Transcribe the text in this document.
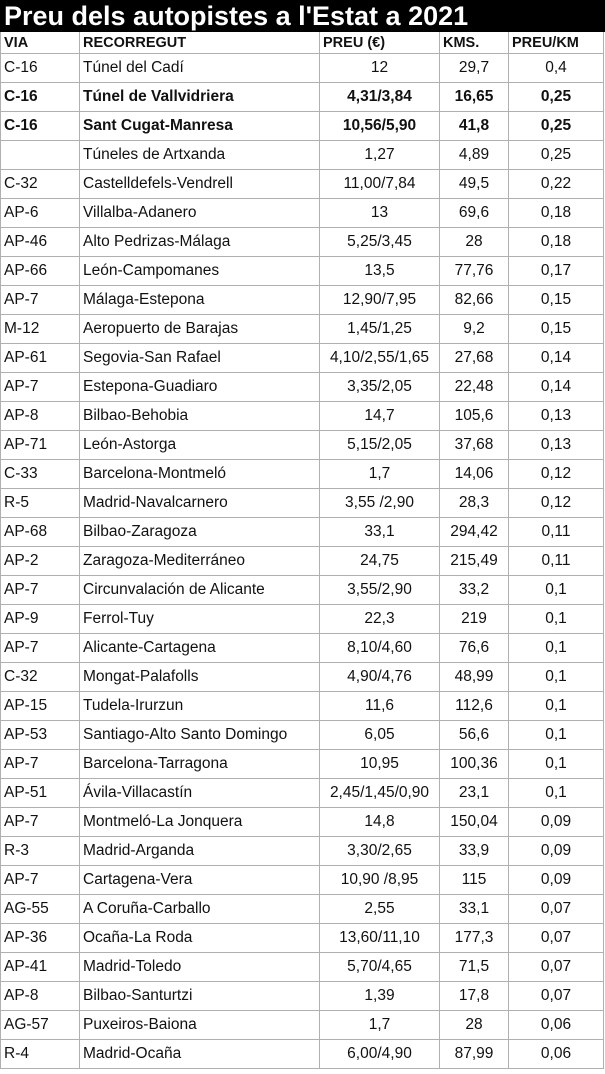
Preu dels autopistes a l'Estat a 2021
VIA	RECORREGUT	PREU (€)	KMS.	PREU/KM
C-16	Túnel del Cadí	12	29,7	0,4
C-16	Túnel de Vallvidriera	4,31/3,84	16,65	0,25
C-16	Sant Cugat-Manresa	10,56/5,90	41,8	0,25
	Túneles de Artxanda	1,27	4,89	0,25
C-32	Castelldefels-Vendrell	11,00/7,84	49,5	0,22
AP-6	Villalba-Adanero	13	69,6	0,18
AP-46	Alto Pedrizas-Málaga	5,25/3,45	28	0,18
AP-66	León-Campomanes	13,5	77,76	0,17
AP-7	Málaga-Estepona	12,90/7,95	82,66	0,15
M-12	Aeropuerto de Barajas	1,45/1,25	9,2	0,15
AP-61	Segovia-San Rafael	4,10/2,55/1,65	27,68	0,14
AP-7	Estepona-Guadiaro	3,35/2,05	22,48	0,14
AP-8	Bilbao-Behobia	14,7	105,6	0,13
AP-71	León-Astorga	5,15/2,05	37,68	0,13
C-33	Barcelona-Montmeló	1,7	14,06	0,12
R-5	Madrid-Navalcarnero	3,55 /2,90	28,3	0,12
AP-68	Bilbao-Zaragoza	33,1	294,42	0,11
AP-2	Zaragoza-Mediterráneo	24,75	215,49	0,11
AP-7	Circunvalación de Alicante	3,55/2,90	33,2	0,1
AP-9	Ferrol-Tuy	22,3	219	0,1
AP-7	Alicante-Cartagena	8,10/4,60	76,6	0,1
C-32	Mongat-Palafolls	4,90/4,76	48,99	0,1
AP-15	Tudela-Irurzun	11,6	112,6	0,1
AP-53	Santiago-Alto Santo Domingo	6,05	56,6	0,1
AP-7	Barcelona-Tarragona	10,95	100,36	0,1
AP-51	Ávila-Villacastín	2,45/1,45/0,90	23,1	0,1
AP-7	Montmeló-La Jonquera	14,8	150,04	0,09
R-3	Madrid-Arganda	3,30/2,65	33,9	0,09
AP-7	Cartagena-Vera	10,90 /8,95	115	0,09
AG-55	A Coruña-Carballo	2,55	33,1	0,07
AP-36	Ocaña-La Roda	13,60/11,10	177,3	0,07
AP-41	Madrid-Toledo	5,70/4,65	71,5	0,07
AP-8	Bilbao-Santurtzi	1,39	17,8	0,07
AG-57	Puxeiros-Baiona	1,7	28	0,06
R-4	Madrid-Ocaña	6,00/4,90	87,99	0,06
